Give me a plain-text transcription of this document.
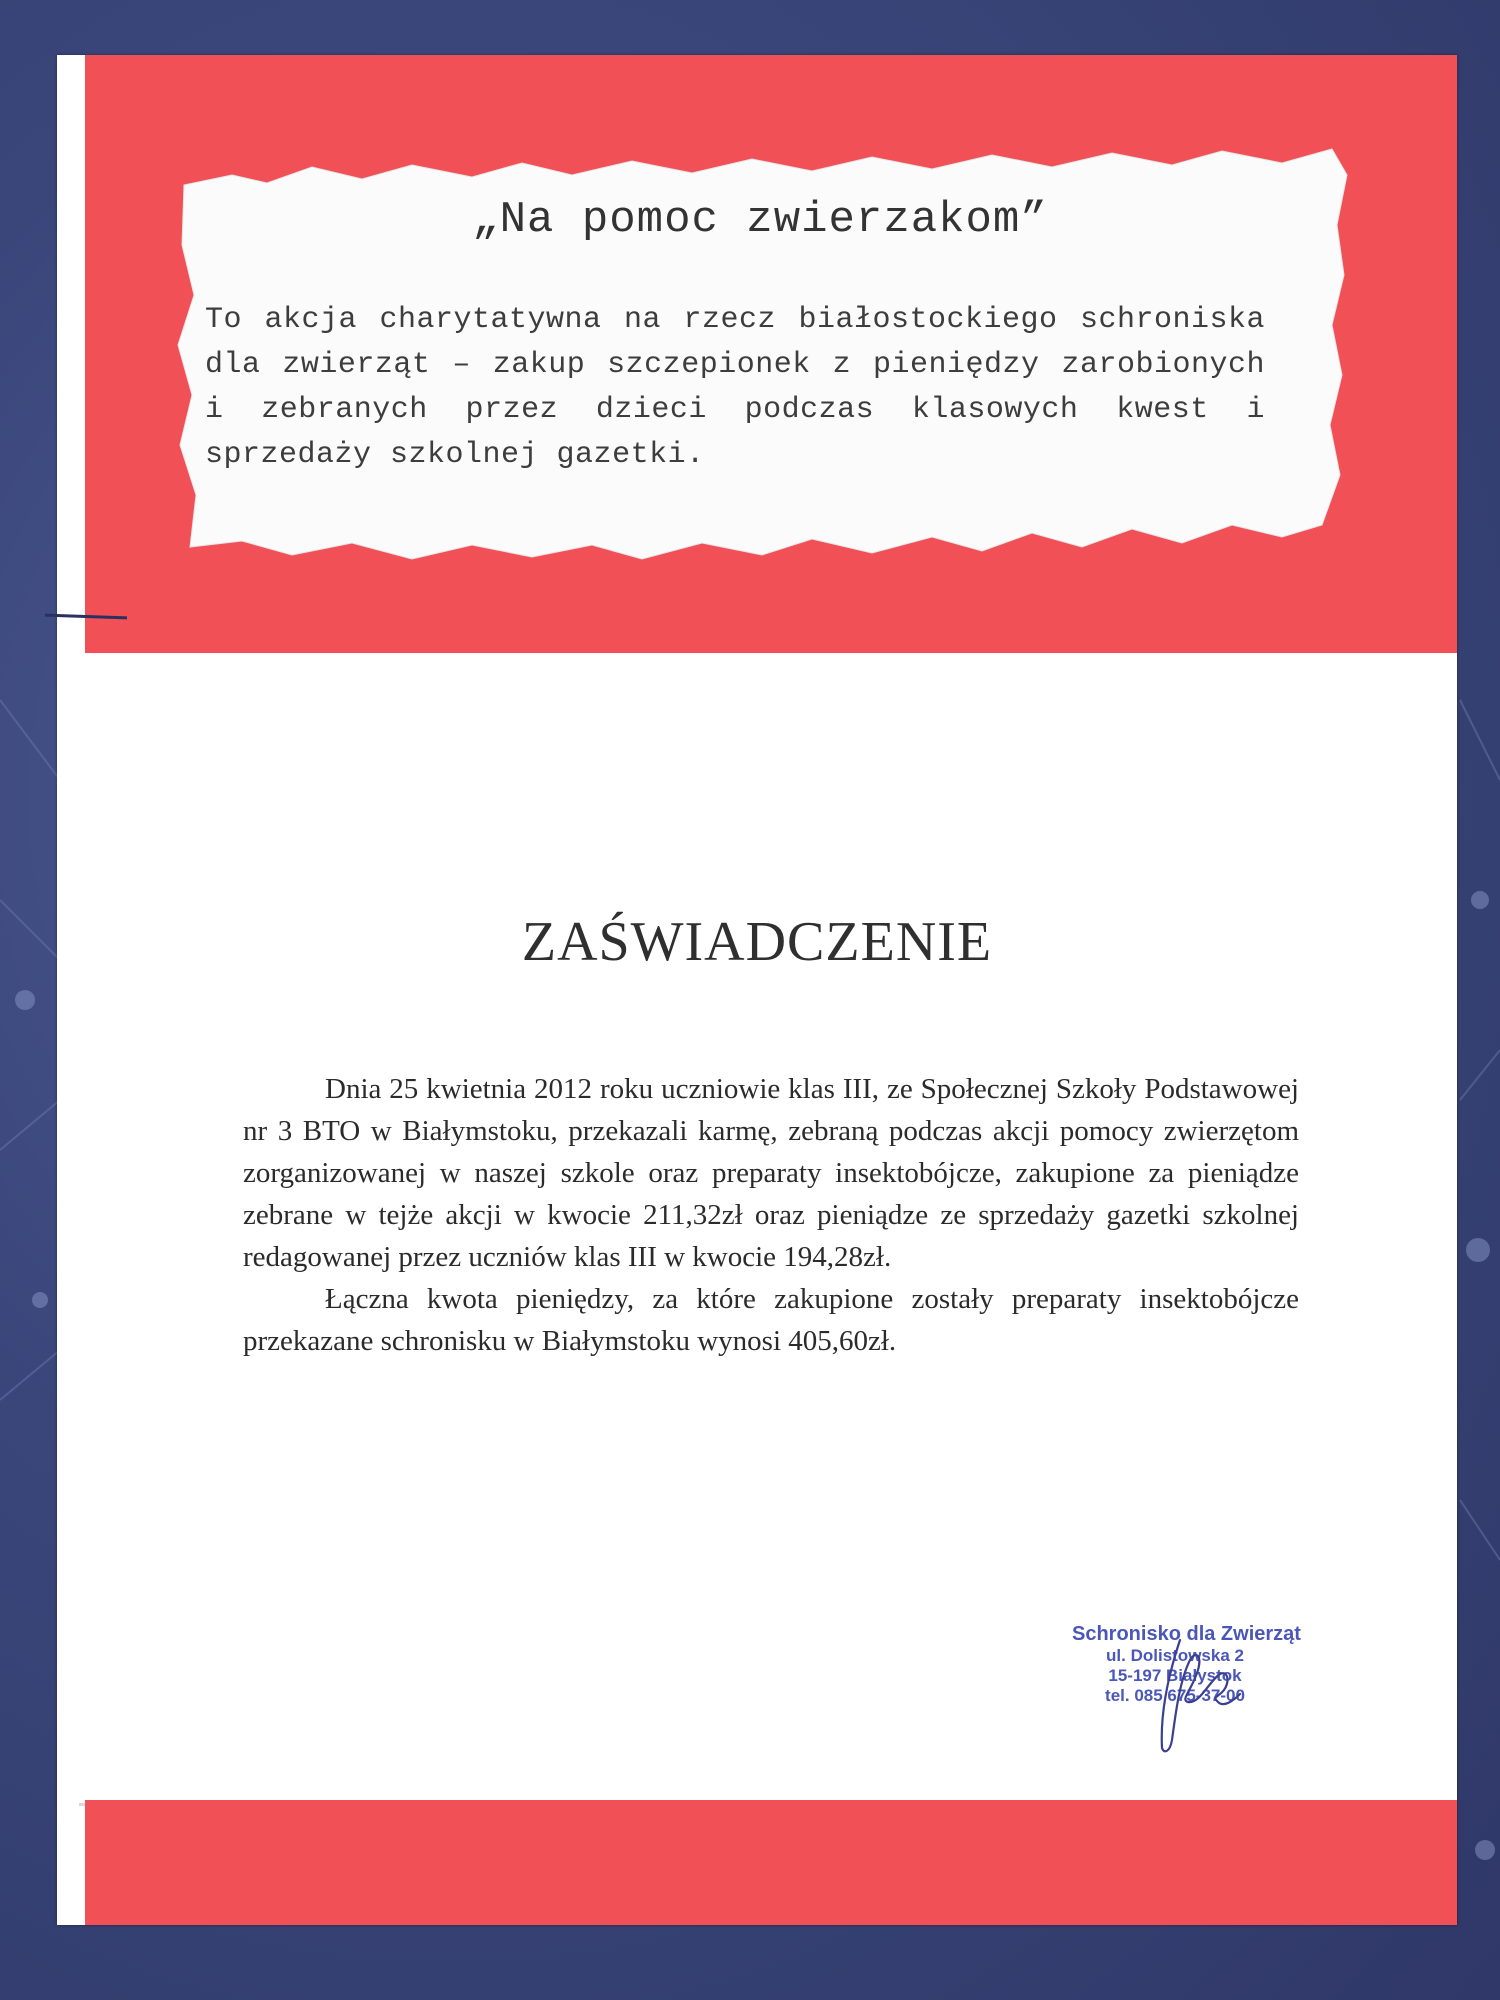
„Na pomoc zwierzakom”
To akcja charytatywna na rzecz białostockiego schroniska dla zwierząt – zakup szczepionek z pieniędzy zarobionych i zebranych przez dzieci podczas klasowych kwest i sprzedaży szkolnej gazetki.
ZAŚWIADCZENIE

Dnia 25 kwietnia 2012 roku uczniowie klas III, ze Społecznej Szkoły Podstawowej nr 3 BTO w Białymstoku, przekazali karmę, zebraną podczas akcji pomocy zwierzętom zorganizowanej w naszej szkole oraz preparaty insektobójcze, zakupione za pieniądze zebrane w tejże akcji w kwocie 211,32zł oraz pieniądze ze sprzedaży gazetki szkolnej redagowanej przez uczniów klas III w kwocie 194,28zł.

Łączna kwota pieniędzy, za które zakupione zostały preparaty insektobójcze przekazane schronisku w Białymstoku wynosi 405,60zł.

Schronisko dla Zwierząt
ul. Dolistowska 2
15-197 Białystok
tel. 085 675-37-00
